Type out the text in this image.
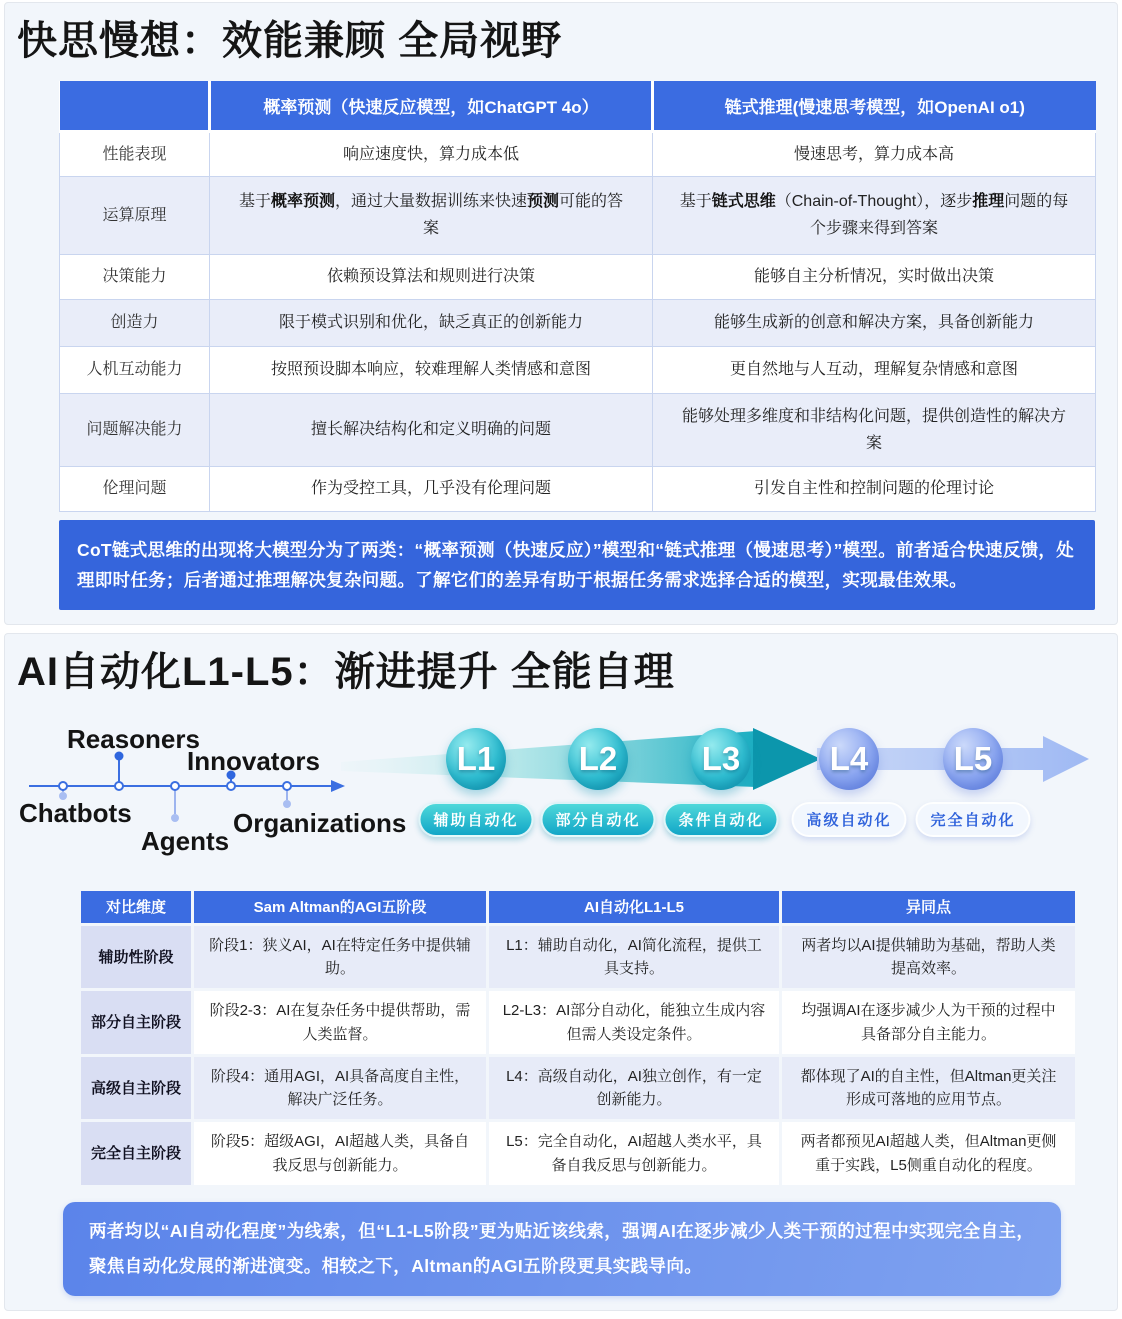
快思慢想：效能兼顾 全局视野
	概率预测（快速反应模型，如ChatGPT 4o）	链式推理(慢速思考模型，如OpenAI o1)
性能表现	响应速度快，算力成本低	慢速思考，算力成本高
运算原理	基于概率预测，通过大量数据训练来快速预测可能的答案	基于链式思维（Chain-of-Thought），逐步推理问题的每个步骤来得到答案
决策能力	依赖预设算法和规则进行决策	能够自主分析情况，实时做出决策
创造力	限于模式识别和优化，缺乏真正的创新能力	能够生成新的创意和解决方案，具备创新能力
人机互动能力	按照预设脚本响应，较难理解人类情感和意图	更自然地与人互动，理解复杂情感和意图
问题解决能力	擅长解决结构化和定义明确的问题	能够处理多维度和非结构化问题，提供创造性的解决方案
伦理问题	作为受控工具，几乎没有伦理问题	引发自主性和控制问题的伦理讨论
CoT链式思维的出现将大模型分为了两类：“概率预测（快速反应）”模型和“链式推理（慢速思考）”模型。前者适合快速反馈，处理即时任务；后者通过推理解决复杂问题。了解它们的差异有助于根据任务需求选择合适的模型，实现最佳效果。
AI自动化L1-L5：渐进提升 全能自理
Reasoners
Innovators
Chatbots
Agents
Organizations
L1	L2	L3	L4	L5
辅助自动化	部分自动化	条件自动化	高级自动化	完全自动化
对比维度	Sam Altman的AGI五阶段	AI自动化L1-L5	异同点
辅助性阶段	阶段1：狭义AI，AI在特定任务中提供辅助。	L1：辅助自动化，AI简化流程，提供工具支持。	两者均以AI提供辅助为基础，帮助人类提高效率。
部分自主阶段	阶段2-3：AI在复杂任务中提供帮助，需人类监督。	L2-L3：AI部分自动化，能独立生成内容但需人类设定条件。	均强调AI在逐步减少人为干预的过程中具备部分自主能力。
高级自主阶段	阶段4：通用AGI，AI具备高度自主性，解决广泛任务。	L4：高级自动化，AI独立创作，有一定创新能力。	都体现了AI的自主性，但Altman更关注形成可落地的应用节点。
完全自主阶段	阶段5：超级AGI，AI超越人类，具备自我反思与创新能力。	L5：完全自动化，AI超越人类水平，具备自我反思与创新能力。	两者都预见AI超越人类，但Altman更侧重于实践，L5侧重自动化的程度。
两者均以“AI自动化程度”为线索，但“L1-L5阶段”更为贴近该线索，强调AI在逐步减少人类干预的过程中实现完全自主，聚焦自动化发展的渐进演变。相较之下，Altman的AGI五阶段更具实践导向。
